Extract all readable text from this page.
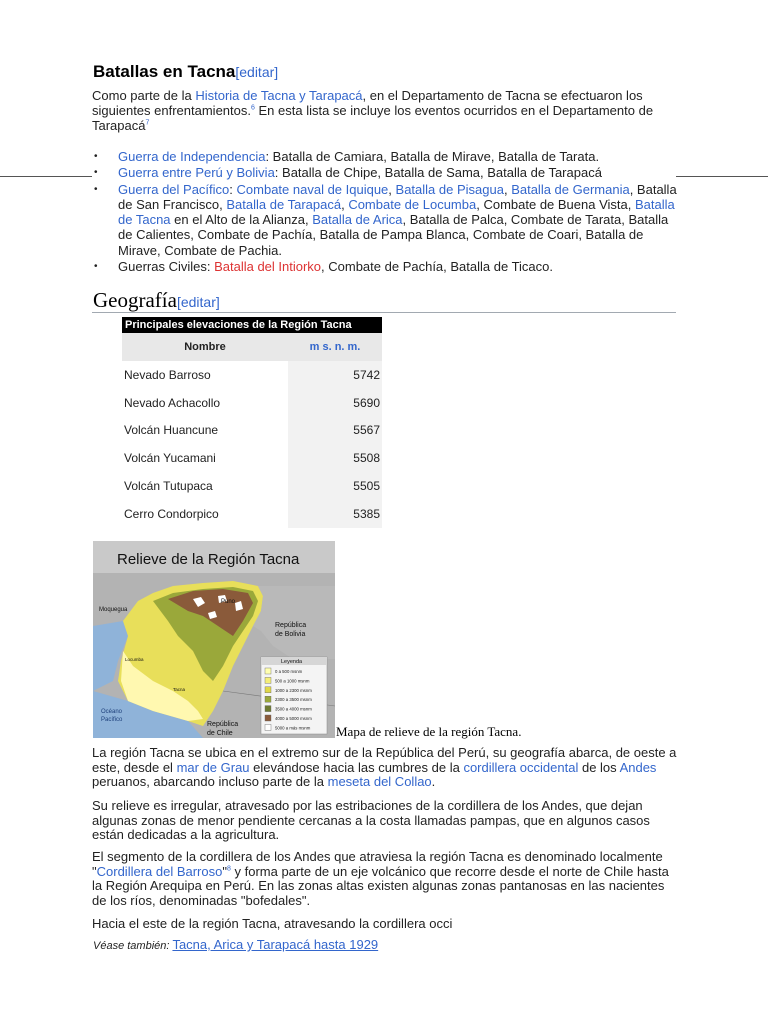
Batallas en Tacna[editar]

Como parte de la Historia de Tacna y Tarapacá, en el Departamento de Tacna se efectuaron los siguientes enfrentamientos.$^6$ En esta lista se incluye los eventos ocurridos en el Departamento de Tarapacá$^7$

• Guerra de Independencia: Batalla de Camiara, Batalla de Mirave, Batalla de Tarata.
• Guerra entre Perú y Bolivia: Batalla de Chipe, Batalla de Sama, Batalla de Tarapacá
• Guerra del Pacífico: Combate naval de Iquique, Batalla de Pisagua, Batalla de Germania, Batalla de San Francisco, Batalla de Tarapacá, Combate de Locumba, Combate de Buena Vista, Batalla de Tacna en el Alto de la Alianza, Batalla de Arica, Batalla de Palca, Combate de Tarata, Batalla de Calientes, Combate de Pachía, Batalla de Pampa Blanca, Combate de Coari, Batalla de Mirave, Combate de Pachia.
• Guerras Civiles: Batalla del Intiorko, Combate de Pachía, Batalla de Ticaco.
Geografía[editar]
Principales elevaciones de la Región Tacna
Nombre	m s. n. m.
Nevado Barroso	5742
Nevado Achacollo	5690
Volcán Huancune	5567
Volcán Yucamani	5508
Volcán Tutupaca	5505
Cerro Condorpico	5385
Relieve de la Región Tacna
Moquegua
Puno
República
de Bolivia
República
de Chile
Océano
Pacífico
Locumba
Tacna
Leyenda
0 a 500 msnm
500 a 1000 msnm
1000 a 2300 msnm
2300 a 3500 msnm
3500 a 4000 msnm
4000 a 5000 msnm
5000 a más msnm Mapa de relieve de la región Tacna.

La región Tacna se ubica en el extremo sur de la República del Perú, su geografía abarca, de oeste a este, desde el mar de Grau elevándose hacia las cumbres de la cordillera occidental de los Andes peruanos, abarcando incluso parte de la meseta del Collao.

Su relieve es irregular, atravesado por las estribaciones de la cordillera de los Andes, que dejan algunas zonas de menor pendiente cercanas a la costa llamadas pampas, que en algunos casos están dedicadas a la agricultura.

El segmento de la cordillera de los Andes que atraviesa la región Tacna es denominado localmente "Cordillera del Barroso"$^8$ y forma parte de un eje volcánico que recorre desde el norte de Chile hasta la Región Arequipa en Perú. En las zonas altas existen algunas zonas pantanosas en las nacientes de los ríos, denominadas "bofedales".

Hacia el este de la región Tacna, atravesando la cordillera occi

Véase también: Tacna, Arica y Tarapacá hasta 1929
